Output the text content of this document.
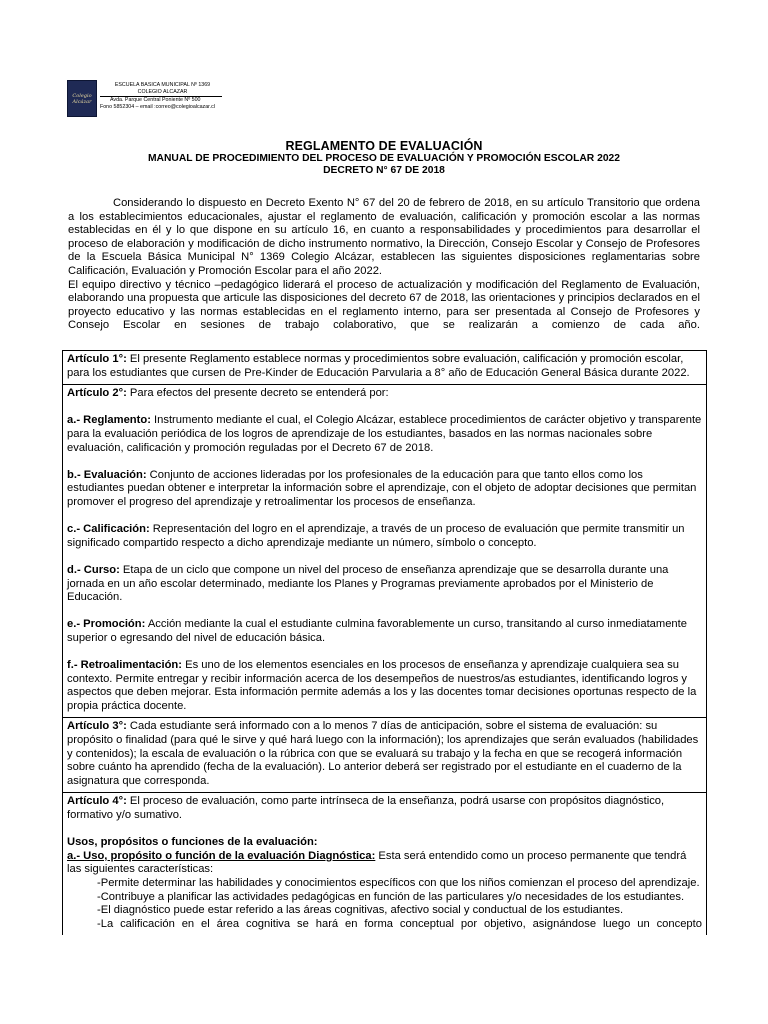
Colegio Alcázar
ESCUELA BASICA MUNICIPAL Nº 1369
COLEGIO ALCAZAR
Avda. Parque Central Poniente Nº 500
Fono 5852304 – email :correo@colegioalcazar.cl
REGLAMENTO DE EVALUACIÓN
MANUAL DE PROCEDIMIENTO DEL PROCESO DE EVALUACIÓN Y PROMOCIÓN ESCOLAR 2022
DECRETO N° 67 DE 2018

Considerando lo dispuesto en Decreto Exento N° 67 del 20 de febrero de 2018, en su artículo Transitorio que ordena a los establecimientos educacionales, ajustar el reglamento de evaluación, calificación y promoción escolar a las normas establecidas en él y lo que dispone en su artículo 16, en cuanto a responsabilidades y procedimientos para desarrollar el proceso de elaboración y modificación de dicho instrumento normativo, la Dirección, Consejo Escolar y Consejo de Profesores de la Escuela Básica Municipal N° 1369 Colegio Alcázar, establecen las siguientes disposiciones reglamentarias sobre Calificación, Evaluación y Promoción Escolar para el año 2022.

El equipo directivo y técnico –pedagógico liderará el proceso de actualización y modificación del Reglamento de Evaluación, elaborando una propuesta que articule las disposiciones del decreto 67 de 2018, las orientaciones y principios declarados en el proyecto educativo y las normas establecidas en el reglamento interno, para ser presentada al Consejo de Profesores y Consejo Escolar en sesiones de trabajo colaborativo, que se realizarán a comienzo de cada año.

Artículo 1°: El presente Reglamento establece normas y procedimientos sobre evaluación, calificación y promoción escolar, para los estudiantes que cursen de Pre-Kinder de Educación Parvularia a 8° año de Educación General Básica durante 2022.

Artículo 2°: Para efectos del presente decreto se entenderá por:

a.- Reglamento: Instrumento mediante el cual, el Colegio Alcázar, establece procedimientos de carácter objetivo y transparente para la evaluación periódica de los logros de aprendizaje de los estudiantes, basados en las normas nacionales sobre evaluación, calificación y promoción reguladas por el Decreto 67 de 2018.

b.- Evaluación: Conjunto de acciones lideradas por los profesionales de la educación para que tanto ellos como los estudiantes puedan obtener e interpretar la información sobre el aprendizaje, con el objeto de adoptar decisiones que permitan promover el progreso del aprendizaje y retroalimentar los procesos de enseñanza.

c.- Calificación: Representación del logro en el aprendizaje, a través de un proceso de evaluación que permite transmitir un significado compartido respecto a dicho aprendizaje mediante un número, símbolo o concepto.

d.- Curso: Etapa de un ciclo que compone un nivel del proceso de enseñanza aprendizaje que se desarrolla durante una jornada en un año escolar determinado, mediante los Planes y Programas previamente aprobados por el Ministerio de Educación.

e.- Promoción: Acción mediante la cual el estudiante culmina favorablemente un curso, transitando al curso inmediatamente superior o egresando del nivel de educación básica.

f.- Retroalimentación: Es uno de los elementos esenciales en los procesos de enseñanza y aprendizaje cualquiera sea su contexto. Permite entregar y recibir información acerca de los desempeños de nuestros/as estudiantes, identificando logros y aspectos que deben mejorar. Esta información permite además a los y las docentes tomar decisiones oportunas respecto de la propia práctica docente.

Artículo 3°: Cada estudiante será informado con a lo menos 7 días de anticipación, sobre el sistema de evaluación: su propósito o finalidad (para qué le sirve y qué hará luego con la información); los aprendizajes que serán evaluados (habilidades y contenidos); la escala de evaluación o la rúbrica con que se evaluará su trabajo y la fecha en que se recogerá información sobre cuánto ha aprendido (fecha de la evaluación). Lo anterior deberá ser registrado por el estudiante en el cuaderno de la asignatura que corresponda.

Artículo 4°: El proceso de evaluación, como parte intrínseca de la enseñanza, podrá usarse con propósitos diagnóstico, formativo y/o sumativo.

Usos, propósitos o funciones de la evaluación:

a.- Uso, propósito o función de la evaluación Diagnóstica: Esta será entendido como un proceso permanente que tendrá las siguientes características:

-Permite determinar las habilidades y conocimientos específicos con que los niños comienzan el proceso del aprendizaje.

-Contribuye a planificar las actividades pedagógicas en función de las particulares y/o necesidades de los estudiantes.

-El diagnóstico puede estar referido a las áreas cognitivas, afectivo social y conductual de los estudiantes.

-La calificación en el área cognitiva se hará en forma conceptual por objetivo, asignándose luego un concepto
